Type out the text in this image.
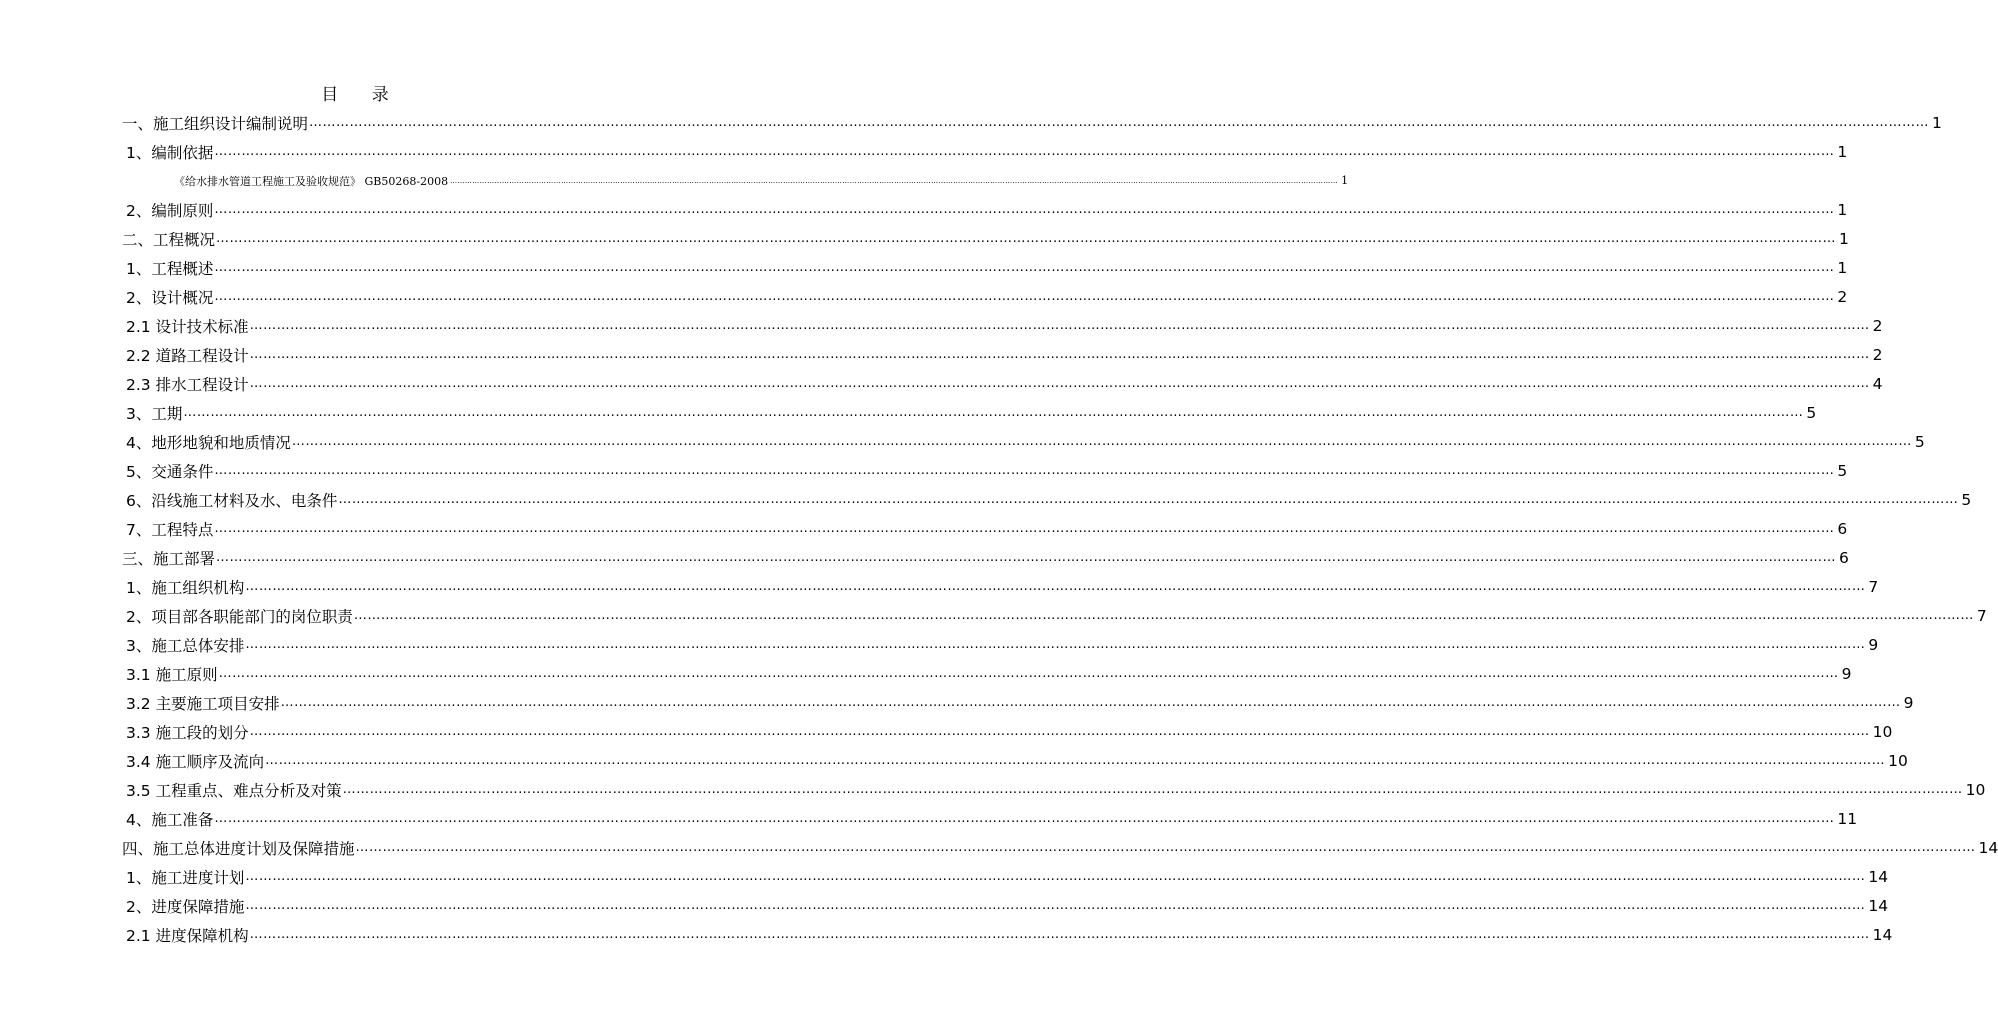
目 录
一、施工组织设计编制说明 ……………………………………………………………………………………………………………………………………………………………………………………………………………………………………………………………………………………………………………………………… 1
1、编制依据 ……………………………………………………………………………………………………………………………………………………………………………………………………………………………………………………………………………………………………………………………… 1
《给水排水管道工程施工及验收规范》 GB50268-2008 ……………………………………………………………………………………………………………………………………………………………………………………………………………………………………………………………………………………………………………………………… 1
2、编制原则 ……………………………………………………………………………………………………………………………………………………………………………………………………………………………………………………………………………………………………………………………… 1
二、工程概况 ……………………………………………………………………………………………………………………………………………………………………………………………………………………………………………………………………………………………………………………………… 1
1、工程概述 ……………………………………………………………………………………………………………………………………………………………………………………………………………………………………………………………………………………………………………………………… 1
2、设计概况 ……………………………………………………………………………………………………………………………………………………………………………………………………………………………………………………………………………………………………………………………… 2
2.1 设计技术标准 ……………………………………………………………………………………………………………………………………………………………………………………………………………………………………………………………………………………………………………………………… 2
2.2 道路工程设计 ……………………………………………………………………………………………………………………………………………………………………………………………………………………………………………………………………………………………………………………………… 2
2.3 排水工程设计 ……………………………………………………………………………………………………………………………………………………………………………………………………………………………………………………………………………………………………………………………… 4
3、工期 ……………………………………………………………………………………………………………………………………………………………………………………………………………………………………………………………………………………………………………………………… 5
4、地形地貌和地质情况 ……………………………………………………………………………………………………………………………………………………………………………………………………………………………………………………………………………………………………………………………… 5
5、交通条件 ……………………………………………………………………………………………………………………………………………………………………………………………………………………………………………………………………………………………………………………………… 5
6、沿线施工材料及水、电条件 ……………………………………………………………………………………………………………………………………………………………………………………………………………………………………………………………………………………………………………………………… 5
7、工程特点 ……………………………………………………………………………………………………………………………………………………………………………………………………………………………………………………………………………………………………………………………… 6
三、施工部署 ……………………………………………………………………………………………………………………………………………………………………………………………………………………………………………………………………………………………………………………………… 6
1、施工组织机构 ……………………………………………………………………………………………………………………………………………………………………………………………………………………………………………………………………………………………………………………………… 7
2、项目部各职能部门的岗位职责 ……………………………………………………………………………………………………………………………………………………………………………………………………………………………………………………………………………………………………………………………… 7
3、施工总体安排 ……………………………………………………………………………………………………………………………………………………………………………………………………………………………………………………………………………………………………………………………… 9
3.1 施工原则 ……………………………………………………………………………………………………………………………………………………………………………………………………………………………………………………………………………………………………………………………… 9
3.2 主要施工项目安排 ……………………………………………………………………………………………………………………………………………………………………………………………………………………………………………………………………………………………………………………………… 9
3.3 施工段的划分 ……………………………………………………………………………………………………………………………………………………………………………………………………………………………………………………………………………………………………………………………… 10
3.4 施工顺序及流向 ……………………………………………………………………………………………………………………………………………………………………………………………………………………………………………………………………………………………………………………………… 10
3.5 工程重点、难点分析及对策 ……………………………………………………………………………………………………………………………………………………………………………………………………………………………………………………………………………………………………………………………… 10
4、施工准备 ……………………………………………………………………………………………………………………………………………………………………………………………………………………………………………………………………………………………………………………………… 11
四、施工总体进度计划及保障措施 ……………………………………………………………………………………………………………………………………………………………………………………………………………………………………………………………………………………………………………………………… 14
1、施工进度计划 ……………………………………………………………………………………………………………………………………………………………………………………………………………………………………………………………………………………………………………………………… 14
2、进度保障措施 ……………………………………………………………………………………………………………………………………………………………………………………………………………………………………………………………………………………………………………………………… 14
2.1 进度保障机构 ……………………………………………………………………………………………………………………………………………………………………………………………………………………………………………………………………………………………………………………………… 14
